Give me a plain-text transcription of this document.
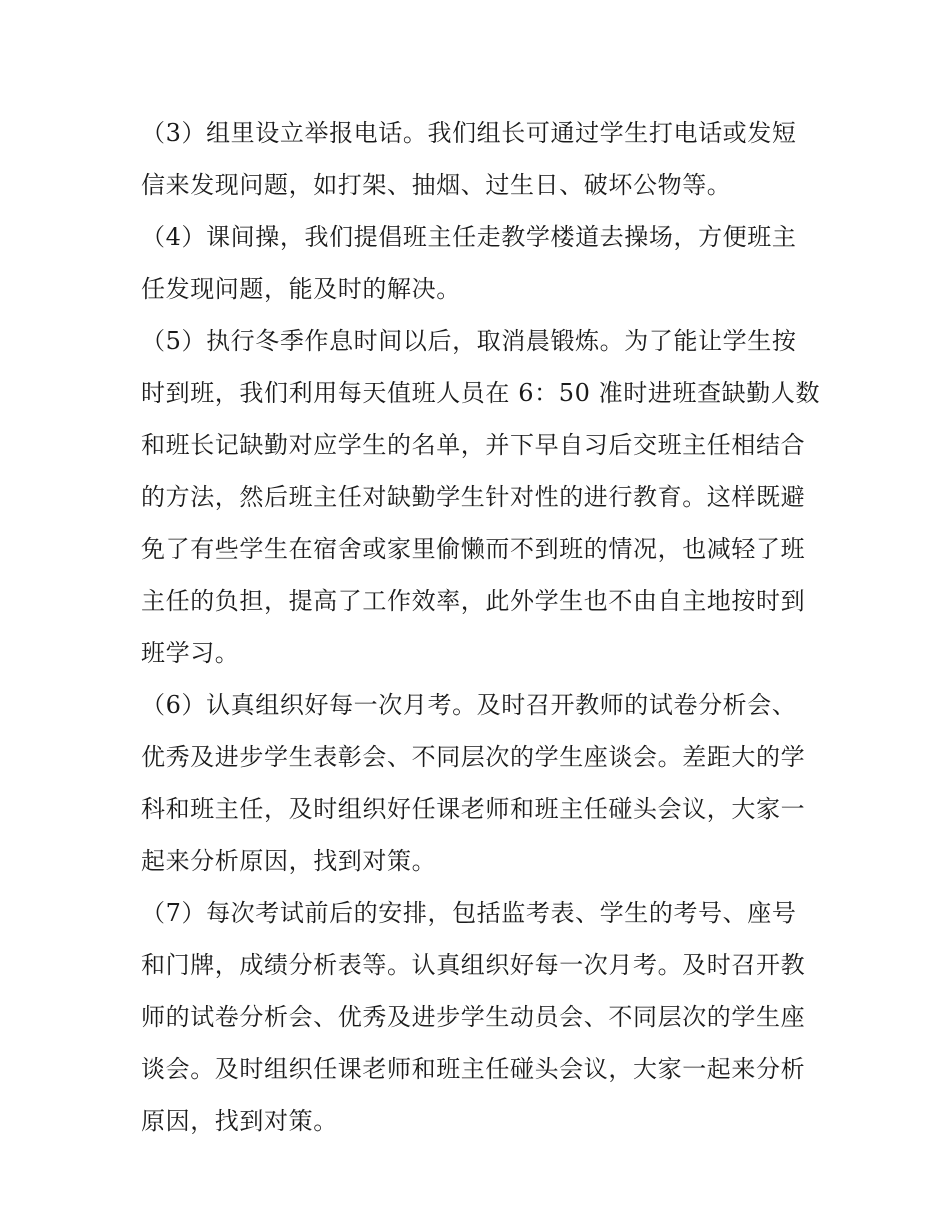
（3）组里设立举报电话。我们组长可通过学生打电话或发短
信来发现问题，如打架、抽烟、过生日、破坏公物等。
（4）课间操，我们提倡班主任走教学楼道去操场，方便班主
任发现问题，能及时的解决。
（5）执行冬季作息时间以后，取消晨锻炼。为了能让学生按
时到班，我们利用每天值班人员在 6：50 准时进班查缺勤人数
和班长记缺勤对应学生的名单，并下早自习后交班主任相结合
的方法，然后班主任对缺勤学生针对性的进行教育。这样既避
免了有些学生在宿舍或家里偷懒而不到班的情况，也减轻了班
主任的负担，提高了工作效率，此外学生也不由自主地按时到
班学习。
（6）认真组织好每一次月考。及时召开教师的试卷分析会、
优秀及进步学生表彰会、不同层次的学生座谈会。差距大的学
科和班主任，及时组织好任课老师和班主任碰头会议，大家一
起来分析原因，找到对策。
（7）每次考试前后的安排，包括监考表、学生的考号、座号
和门牌，成绩分析表等。认真组织好每一次月考。及时召开教
师的试卷分析会、优秀及进步学生动员会、不同层次的学生座
谈会。及时组织任课老师和班主任碰头会议，大家一起来分析
原因，找到对策。
